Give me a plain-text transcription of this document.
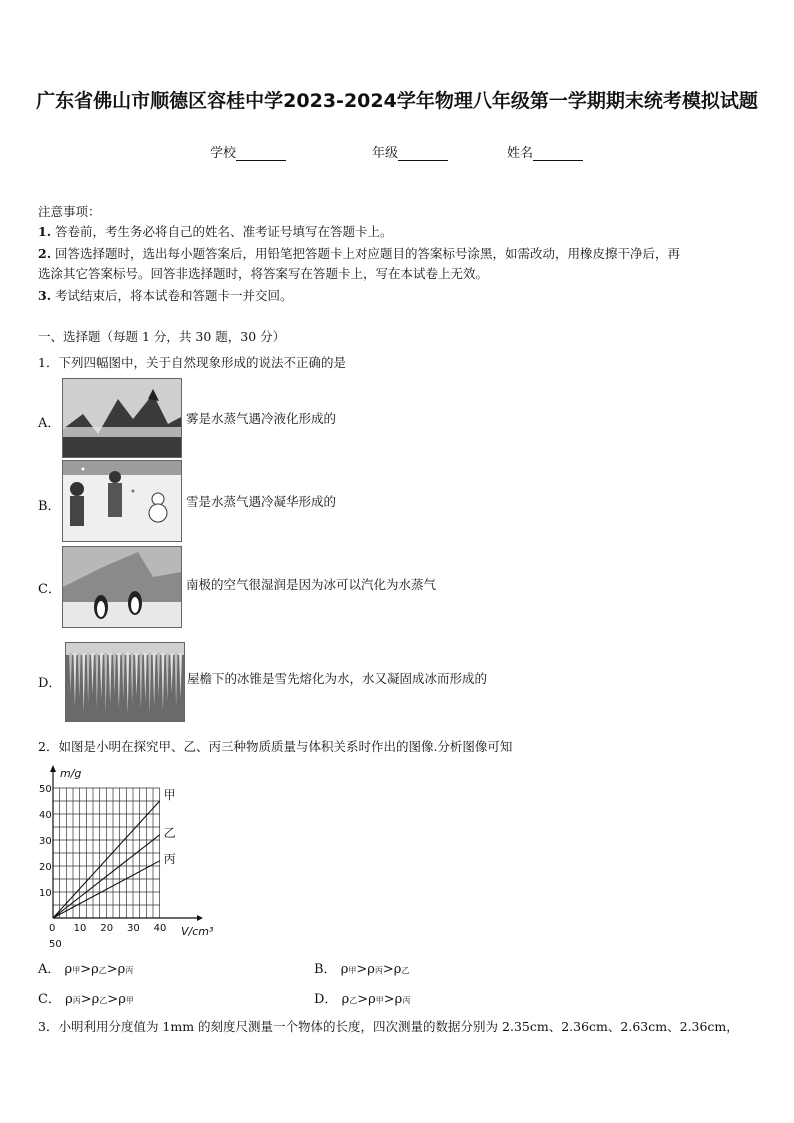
广东省佛山市顺德区容桂中学2023-2024学年物理八年级第一学期期末统考模拟试题
学校	年级	姓名
注意事项：
1. 答卷前，考生务必将自己的姓名、准考证号填写在答题卡上。
2. 回答选择题时，选出每小题答案后，用铅笔把答题卡上对应题目的答案标号涂黑，如需改动，用橡皮擦干净后，再
选涂其它答案标号。回答非选择题时，将答案写在答题卡上，写在本试卷上无效。
3. 考试结束后，将本试卷和答题卡一并交回。
一、选择题（每题 1 分，共 30 题，30 分）
1．下列四幅图中，关于自然现象形成的说法不正确的是
A．	雾是水蒸气遇冷液化形成的
B．	雪是水蒸气遇冷凝华形成的
C．	南极的空气很湿润是因为冰可以汽化为水蒸气
D．	屋檐下的冰锥是雪先熔化为水，水又凝固成冰而形成的
2．如图是小明在探究甲、乙、丙三种物质质量与体积关系时作出的图像.分析图像可知
甲
乙
丙
10 20 30 40
10
20
30
40
50
0
50
m/g
V/cm³
A． ρ甲>ρ乙>ρ丙	B． ρ甲>ρ丙>ρ乙
C． ρ丙>ρ乙>ρ甲	D． ρ乙>ρ甲>ρ丙
3．小明利用分度值为 1mm 的刻度尺测量一个物体的长度，四次测量的数据分别为 2.35cm、2.36cm、2.63cm、2.36cm，
